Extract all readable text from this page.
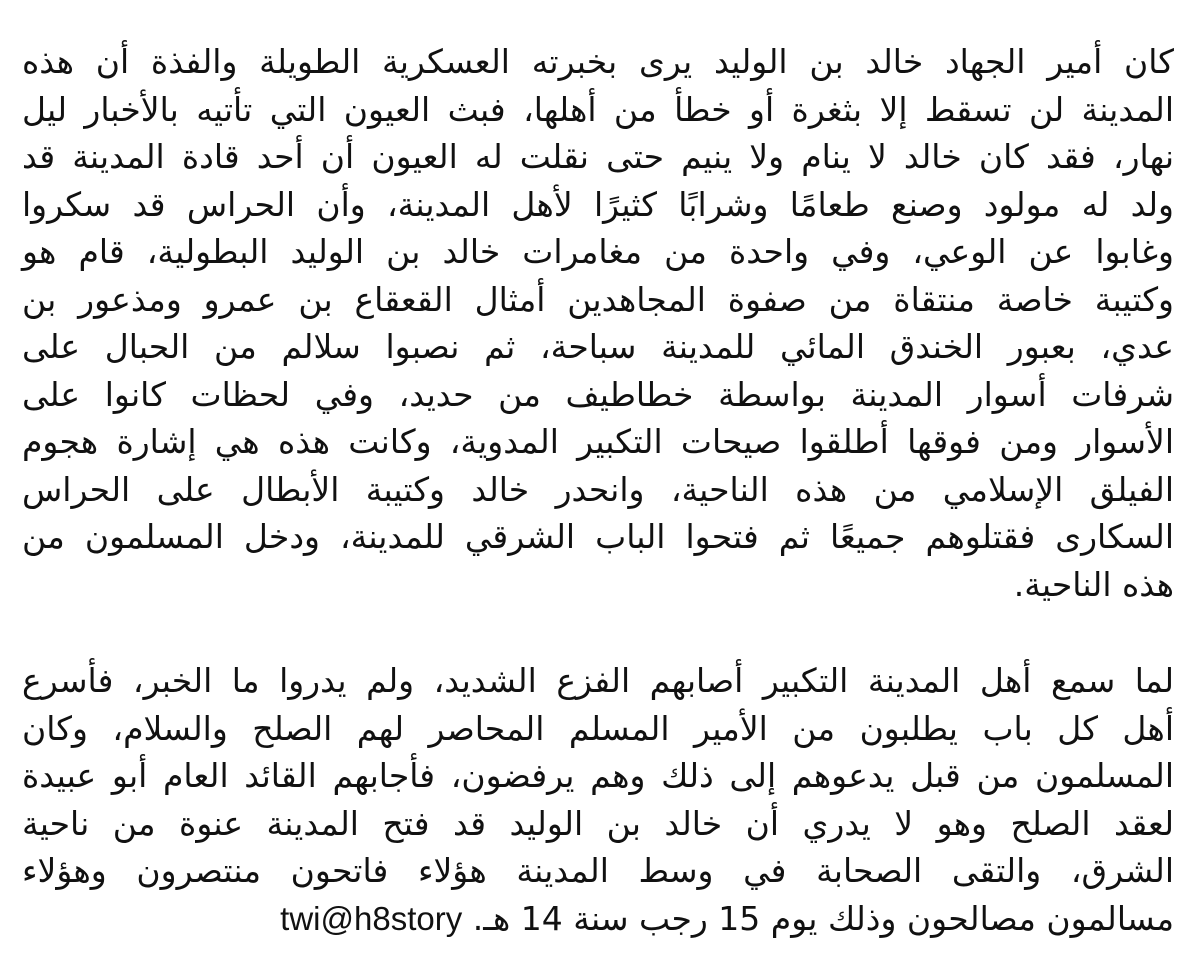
كان أمير الجهاد خالد بن الوليد يرى بخبرته العسكرية الطويلة والفذة أن هذه
المدينة لن تسقط إلا بثغرة أو خطأ من أهلها، فبث العيون التي تأتيه بالأخبار ليل
نهار، فقد كان خالد لا ينام ولا ينيم حتى نقلت له العيون أن أحد قادة المدينة قد
ولد له مولود وصنع طعامًا وشرابًا كثيرًا لأهل المدينة، وأن الحراس قد سكروا
وغابوا عن الوعي، وفي واحدة من مغامرات خالد بن الوليد البطولية، قام هو
وكتيبة خاصة منتقاة من صفوة المجاهدين أمثال القعقاع بن عمرو ومذعور بن
عدي، بعبور الخندق المائي للمدينة سباحة، ثم نصبوا سلالم من الحبال على
شرفات أسوار المدينة بواسطة خطاطيف من حديد، وفي لحظات كانوا على
الأسوار ومن فوقها أطلقوا صيحات التكبير المدوية، وكانت هذه هي إشارة هجوم
الفيلق الإسلامي من هذه الناحية، وانحدر خالد وكتيبة الأبطال على الحراس
السكارى فقتلوهم جميعًا ثم فتحوا الباب الشرقي للمدينة، ودخل المسلمون من
هذه الناحية.
لما سمع أهل المدينة التكبير أصابهم الفزع الشديد، ولم يدروا ما الخبر، فأسرع
أهل كل باب يطلبون من الأمير المسلم المحاصر لهم الصلح والسلام، وكان
المسلمون من قبل يدعوهم إلى ذلك وهم يرفضون، فأجابهم القائد العام أبو عبيدة
لعقد الصلح وهو لا يدري أن خالد بن الوليد قد فتح المدينة عنوة من ناحية
الشرق، والتقى الصحابة في وسط المدينة هؤلاء فاتحون منتصرون وهؤلاء
مسالمون مصالحون وذلك يوم 15 رجب سنة 14 هـ. twi@h8story
